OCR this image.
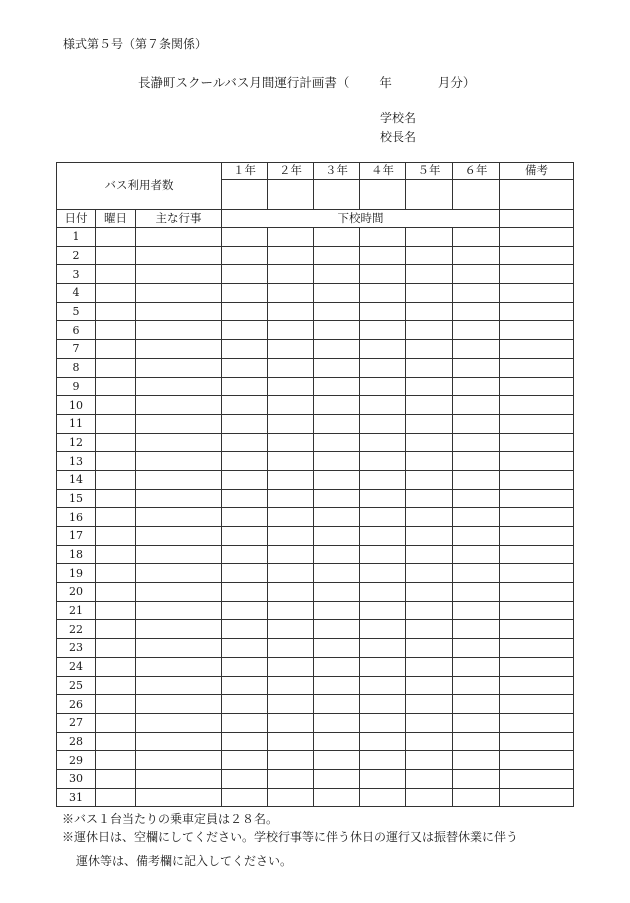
様式第５号（第７条関係）
長瀞町スクールバス月間運行計画書（ 年	月分）
学校名
校長名
バス利用者数			１年	２年	３年	４年	５年	６年	備考

日付	曜日	主な行事	下校時間						
1									
2									
3									
4									
5									
6									
7									
8									
9									
10									
11									
12									
13									
14									
15									
16									
17									
18									
19									
20									
21									
22									
23									
24									
25									
26									
27									
28									
29									
30									
31									
※バス１台当たりの乗車定員は２８名。
※運休日は、空欄にしてください。学校行事等に伴う休日の運行又は振替休業に伴う
運休等は、備考欄に記入してください。
